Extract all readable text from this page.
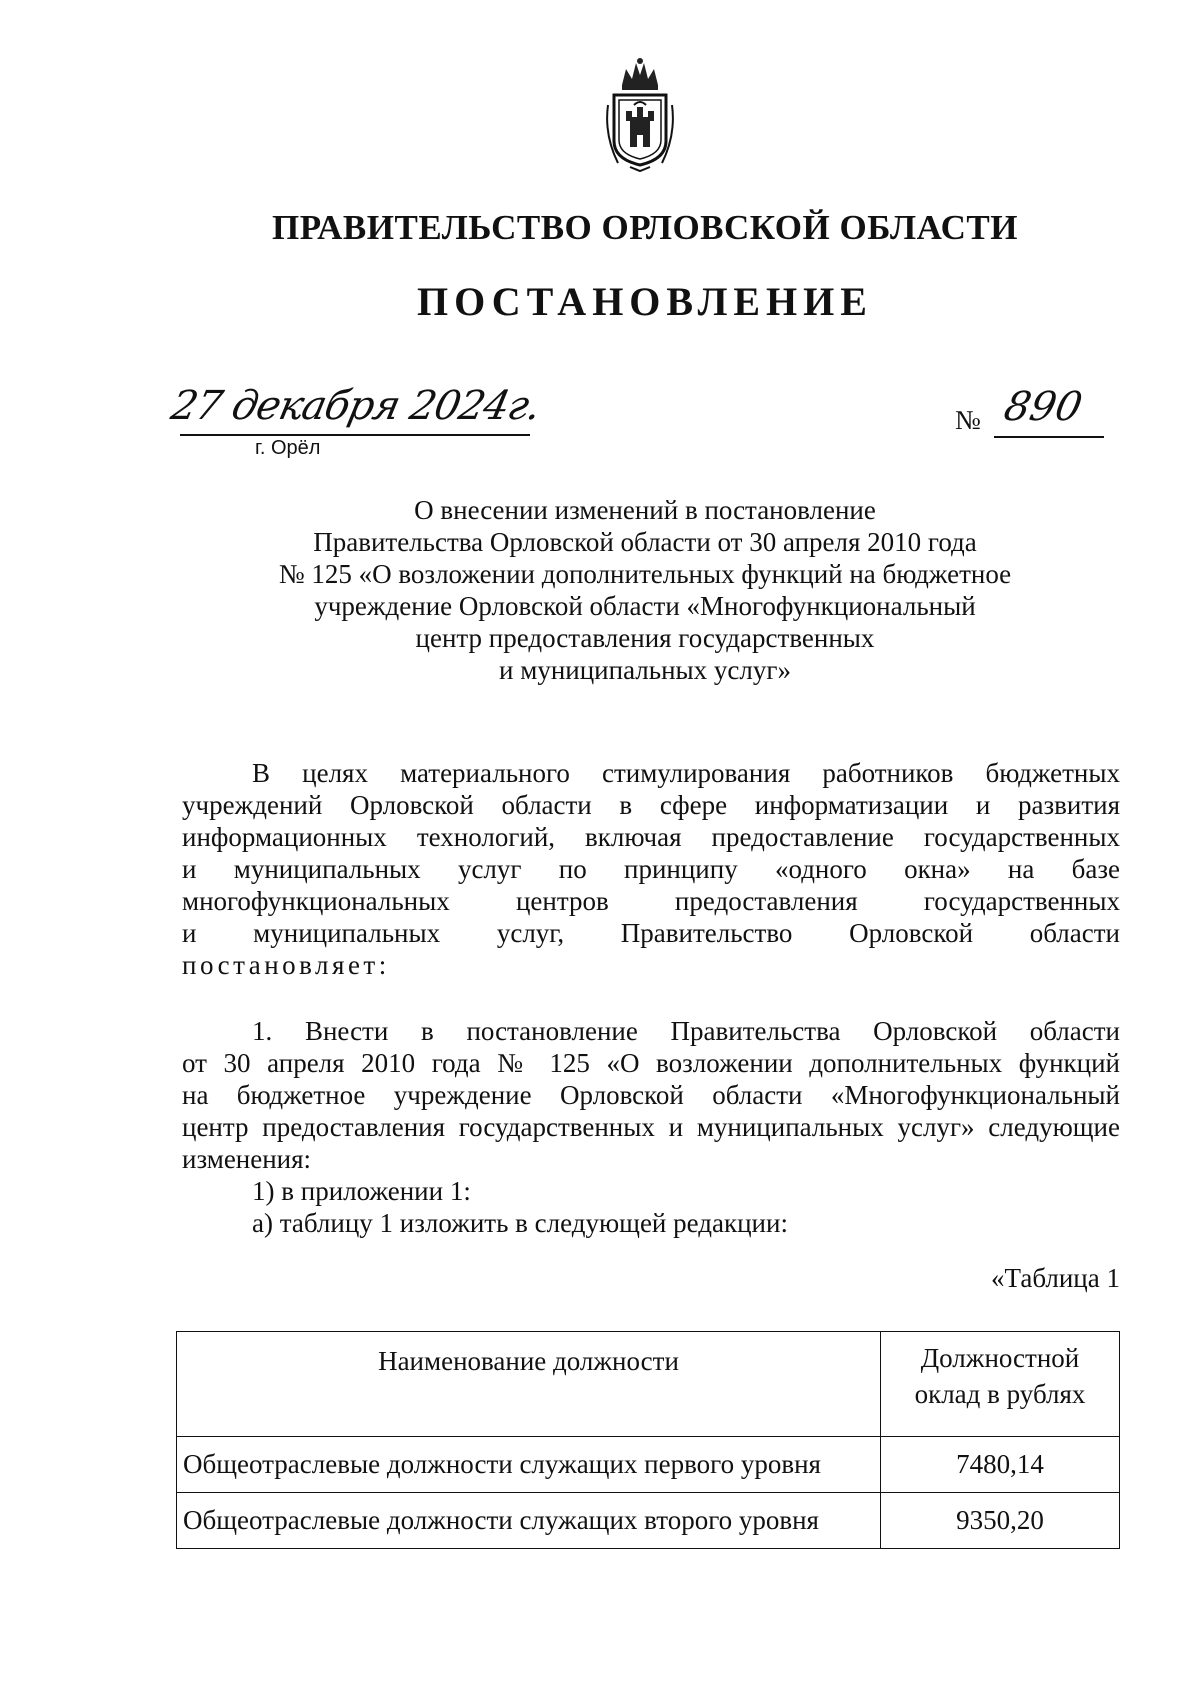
ПРАВИТЕЛЬСТВО ОРЛОВСКОЙ ОБЛАСТИ
ПОСТАНОВЛЕНИЕ
27 декабря 2024г.
г. Орёл
№ 890
О внесении изменений в постановление
Правительства Орловской области от 30 апреля 2010 года
№ 125 «О возложении дополнительных функций на бюджетное
учреждение Орловской области «Многофункциональный
центр предоставления государственных
и муниципальных услуг»
В целях материального стимулирования работников бюджетных
учреждений Орловской области в сфере информатизации и развития
информационных технологий, включая предоставление государственных
и муниципальных услуг по принципу «одного окна» на базе
многофункциональных центров предоставления государственных
и муниципальных услуг, Правительство Орловской области
постановляет:
1. Внести в постановление Правительства Орловской области
от 30 апреля 2010 года № 125 «О возложении дополнительных функций
на бюджетное учреждение Орловской области «Многофункциональный
центр предоставления государственных и муниципальных услуг» следующие
изменения:
1) в приложении 1:
а) таблицу 1 изложить в следующей редакции:
«Таблица 1
Наименование должности	Должностной
оклад в рублях

Общеотраслевые должности служащих первого уровня	7480,14
Общеотраслевые должности служащих второго уровня	9350,20
